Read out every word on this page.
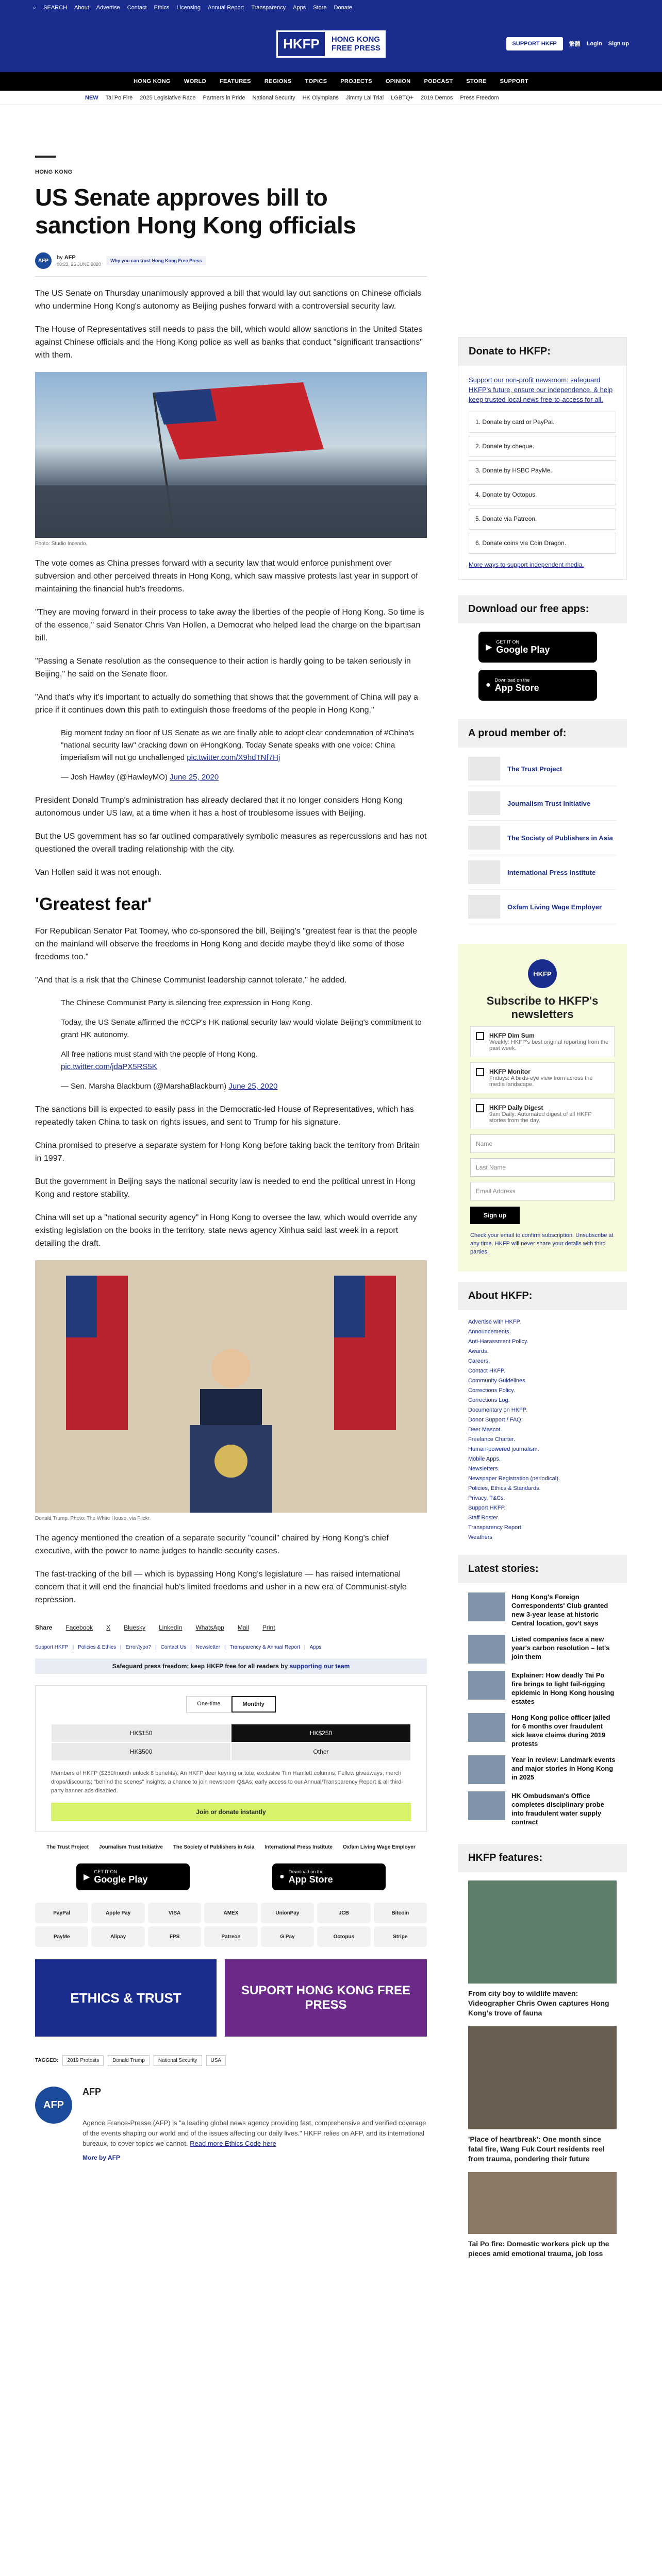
⌕ SEARCH About Advertise Contact Ethics Licensing Annual Report Transparency Apps Store Donate
HKFP	HONG KONG
FREE PRESS	SUPPORT HKFP	繁體 Login Sign up
HONG KONG WORLD FEATURES REGIONS TOPICS PROJECTS OPINION PODCAST STORE SUPPORT
NEW Tai Po Fire 2025 Legislative Race Partners in Pride National Security HK Olympians Jimmy Lai Trial LGBTQ+ 2019 Demos Press Freedom
HONG KONG
US Senate approves bill to sanction Hong Kong officials
AFP	by AFP
08:23, 26 JUNE 2020
Why you can trust Hong Kong Free Press

The US Senate on Thursday unanimously approved a bill that would lay out sanctions on Chinese officials who undermine Hong Kong's autonomy as Beijing pushes forward with a controversial security law.

The House of Representatives still needs to pass the bill, which would allow sanctions in the United States against Chinese officials and the Hong Kong police as well as banks that conduct "significant transactions" with them.

Photo: Studio Incendo.

The vote comes as China presses forward with a security law that would enforce punishment over subversion and other perceived threats in Hong Kong, which saw massive protests last year in support of maintaining the financial hub's freedoms.

"They are moving forward in their process to take away the liberties of the people of Hong Kong. So time is of the essence," said Senator Chris Van Hollen, a Democrat who helped lead the charge on the bipartisan bill.

"Passing a Senate resolution as the consequence to their action is hardly going to be taken seriously in Beijing," he said on the Senate floor.

"And that's why it's important to actually do something that shows that the government of China will pay a price if it continues down this path to extinguish those freedoms of the people in Hong Kong."

Big moment today on floor of US Senate as we are finally able to adopt clear condemnation of #China's "national security law" cracking down on #HongKong. Today Senate speaks with one voice: China imperialism will not go unchallenged pic.twitter.com/X9hdTNf7Hj
— Josh Hawley (@HawleyMO) June 25, 2020

President Donald Trump's administration has already declared that it no longer considers Hong Kong autonomous under US law, at a time when it has a host of troublesome issues with Beijing.

But the US government has so far outlined comparatively symbolic measures as repercussions and has not questioned the overall trading relationship with the city.

Van Hollen said it was not enough.

'Greatest fear'

For Republican Senator Pat Toomey, who co-sponsored the bill, Beijing's "greatest fear is that the people on the mainland will observe the freedoms in Hong Kong and decide maybe they'd like some of those freedoms too."

"And that is a risk that the Chinese Communist leadership cannot tolerate," he added.

The Chinese Communist Party is silencing free expression in Hong Kong.
Today, the US Senate affirmed the #CCP's HK national security law would violate Beijing's commitment to grant HK autonomy.
All free nations must stand with the people of Hong Kong.
pic.twitter.com/jdaPX5RS5K
— Sen. Marsha Blackburn (@MarshaBlackburn) June 25, 2020

The sanctions bill is expected to easily pass in the Democratic-led House of Representatives, which has repeatedly taken China to task on rights issues, and sent to Trump for his signature.

China promised to preserve a separate system for Hong Kong before taking back the territory from Britain in 1997.

But the government in Beijing says the national security law is needed to end the political unrest in Hong Kong and restore stability.

China will set up a "national security agency" in Hong Kong to oversee the law, which would override any existing legislation on the books in the territory, state news agency Xinhua said last week in a report detailing the draft.

Donald Trump. Photo: The White House, via Flickr.

The agency mentioned the creation of a separate security "council" chaired by Hong Kong's chief executive, with the power to name judges to handle security cases.

The fast-tracking of the bill — which is bypassing Hong Kong's legislature — has raised international concern that it will end the financial hub's limited freedoms and usher in a new era of Communist-style repression.

Share Facebook X Bluesky LinkedIn WhatsApp Mail Print
Support HKFP | Policies & Ethics | Error/typo? | Contact Us | Newsletter | Transparency & Annual Report | Apps
Safeguard press freedom; keep HKFP free for all readers by
supporting our team
One-time	Monthly
HK$150	HK$250
HK$500	Other
Members of HKFP ($250/month unlock 8 benefits): An HKFP deer keyring or tote; exclusive Tim Hamlett columns; Fellow giveaways; merch drops/discounts; "behind the scenes" insights; a chance to join newsroom Q&As; early access to our Annual/Transparency Report & all third-party banner ads disabled.
Join or donate instantly
The Trust Project Journalism Trust Initiative The Society of Publishers in Asia International Press Institute Oxfam Living Wage Employer
▶
GET IT ON
Google Play	●
Download on the
App Store
PayPal	Apple Pay	VISA	AMEX	UnionPay	JCB	Bitcoin
PayMe	Alipay	FPS	Patreon	G Pay	Octopus	Stripe
ETHICS & TRUST	SUPORT HONG KONG FREE PRESS
TAGGED:	2019 Protests	Donald Trump	National Security	USA
AFP
AFP
Agence France-Presse (AFP) is "a leading global news agency providing fast, comprehensive and verified coverage of the events shaping our world and of the issues affecting our daily lives." HKFP relies on AFP, and its international bureaux, to cover topics we cannot. Read more Ethics Code here
More by AFP
Donate to HKFP:
Support our non-profit newsroom: safeguard HKFP's future, ensure our independence, & help keep trusted local news free-to-access for all.
1. Donate by card or PayPal.
2. Donate by cheque.
3. Donate by HSBC PayMe.
4. Donate by Octopus.
5. Donate via Patreon.
6. Donate coins via Coin Dragon.
More ways to support independent media.
Download our free apps:
▶
GET IT ON
Google Play
●
Download on the
App Store
A proud member of:
The Trust Project
Journalism Trust Initiative
The Society of Publishers in Asia
International Press Institute
Oxfam Living Wage Employer
HKFP
Subscribe to HKFP's newsletters
HKFP Dim Sum
Weekly: HKFP's best original reporting from the past week.
HKFP Monitor
Fridays: A birds-eye view from across the media landscape.
HKFP Daily Digest
9am Daily: Automated digest of all HKFP stories from the day.
Name
Last Name
Email Address
Sign up
Check your email to confirm subscription. Unsubscribe at any time. HKFP will never share your details with third parties.
About HKFP:
Advertise with HKFP.
Announcements.
Anti-Harassment Policy.
Awards.
Careers.
Contact HKFP.
Community Guidelines.
Corrections Policy.
Corrections Log.
Documentary on HKFP.
Donor Support / FAQ.
Deer Mascot.
Freelance Charter.
Human-powered journalism.
Mobile Apps.
Newsletters.
Newspaper Registration (periodical).
Policies, Ethics & Standards.
Privacy, T&Cs.
Support HKFP.
Staff Roster.
Transparency Report.
Weathers
Latest stories:
Hong Kong's Foreign Correspondents' Club granted new 3-year lease at historic Central location, gov't says
Listed companies face a new year's carbon resolution – let's join them
Explainer: How deadly Tai Po fire brings to light fail-rigging epidemic in Hong Kong housing estates
Hong Kong police officer jailed for 6 months over fraudulent sick leave claims during 2019 protests
Year in review: Landmark events and major stories in Hong Kong in 2025
HK Ombudsman's Office completes disciplinary probe into fraudulent water supply contract
HKFP features:
From city boy to wildlife maven: Videographer Chris Owen captures Hong Kong's trove of fauna
'Place of heartbreak': One month since fatal fire, Wang Fuk Court residents reel from trauma, pondering their future
Tai Po fire: Domestic workers pick up the pieces amid emotional trauma, job loss
